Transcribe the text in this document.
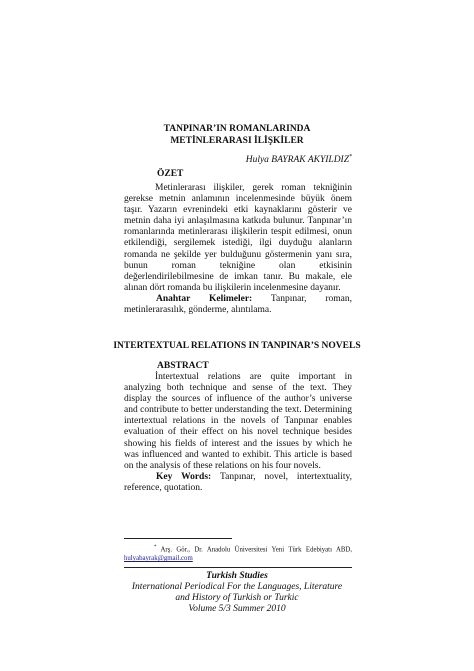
TANPINAR’IN ROMANLARINDA
METİNLERARASI İLİŞKİLER
Hulya BAYRAK AKYILDIZ*
ÖZET

Metinlerarası ilişkiler, gerek roman tekniğinin gerekse metnin anlamının incelenmesinde büyük önem taşır. Yazarın evrenindeki etki kaynaklarını gösterir ve metnin daha iyi anlaşılmasına katkıda bulunur. Tanpınar’ın romanlarında metinlerarası ilişkilerin tespit edilmesi, onun etkilendiği, sergilemek istediği, ilgi duyduğu alanların romanda ne şekilde yer bulduğunu göstermenin yanı sıra, bunun roman tekniğine olan etkisinin değerlendirilebilmesine de imkan tanır. Bu makale, ele alınan dört romanda bu ilişkilerin incelenmesine dayanır.

Anahtar Kelimeler: Tanpınar, roman, metinlerarasılık, gönderme, alıntılama.

INTERTEXTUAL RELATIONS IN TANPINAR’S NOVELS
ABSTRACT

İntertextual relations are quite important in analyzing both technique and sense of the text. They display the sources of influence of the author’s universe and contribute to better understanding the text. Determining intertextual relations in the novels of Tanpınar enables evaluation of their effect on his novel technique besides showing his fields of interest and the issues by which he was influenced and wanted to exhibit. This article is based on the analysis of these relations on his four novels.

Key Words: Tanpınar, novel, intertextuality, reference, quotation.

* Arş. Gör., Dr. Anadolu Üniversitesi Yeni Türk Edebiyatı ABD, hulyabayrak@gmail.com
Turkish Studies
International Periodical For the Languages, Literature
and History of Turkish or Turkic
Volume 5/3 Summer 2010
